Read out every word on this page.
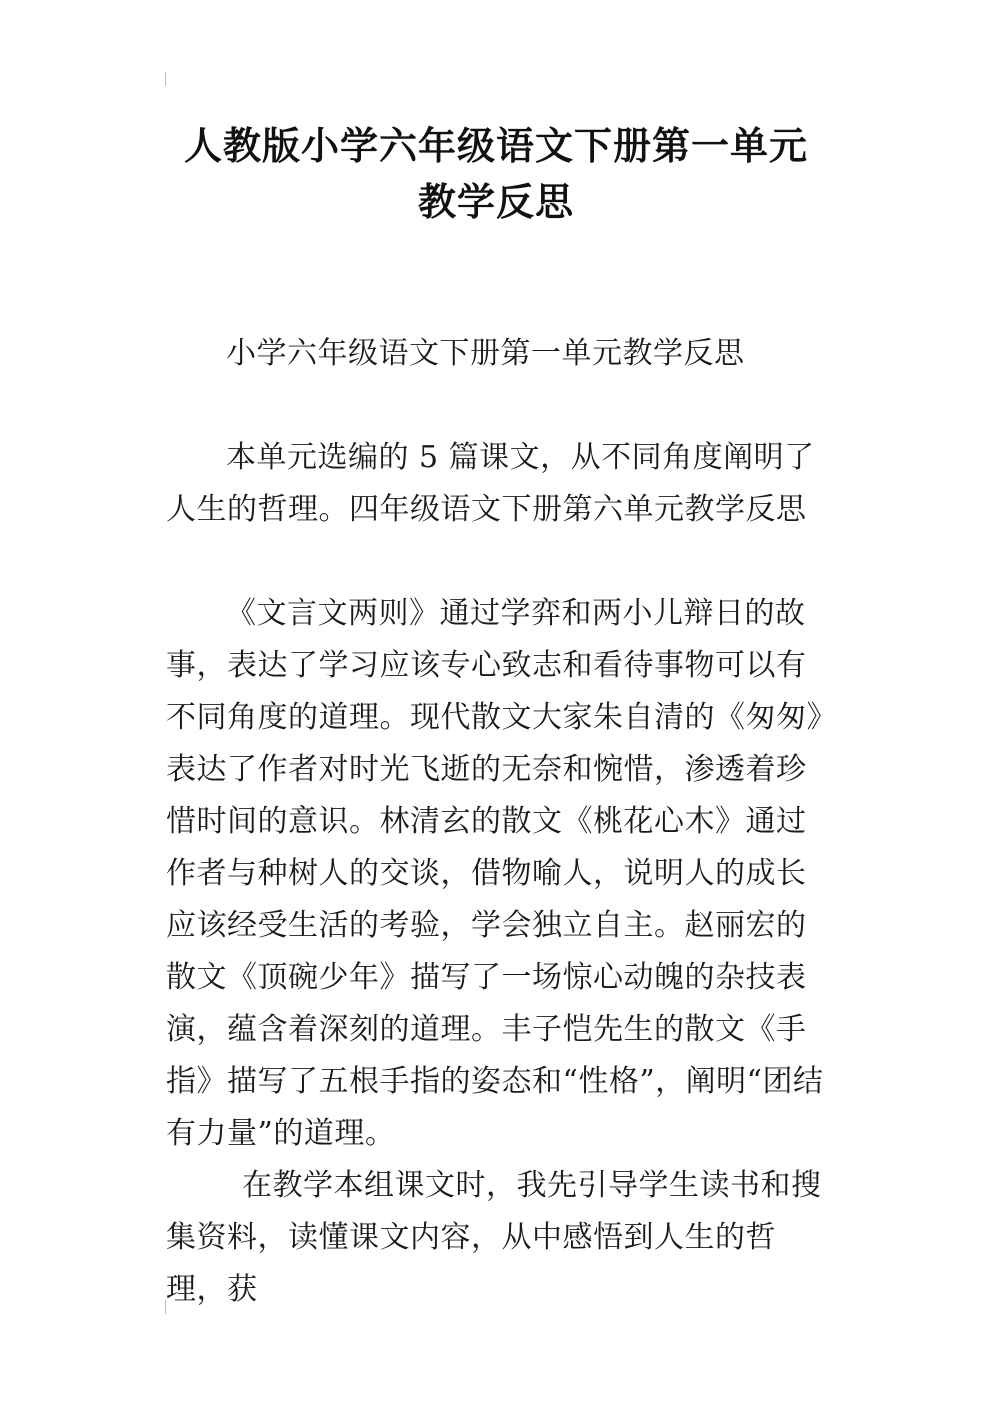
人教版小学六年级语文下册第一单元
教学反思

小学六年级语文下册第一单元教学反思

本单元选编的 5 篇课文，从不同角度阐明了人生的哲理。四年级语文下册第六单元教学反思

《文言文两则》通过学弈和两小儿辩日的故事，表达了学习应该专心致志和看待事物可以有不同角度的道理。现代散文大家朱自清的《匆匆》表达了作者对时光飞逝的无奈和惋惜，渗透着珍惜时间的意识。林清玄的散文《桃花心木》通过作者与种树人的交谈，借物喻人，说明人的成长应该经受生活的考验，学会独立自主。赵丽宏的散文《顶碗少年》描写了一场惊心动魄的杂技表演，蕴含着深刻的道理。丰子恺先生的散文《手指》描写了五根手指的姿态和“性格”，阐明“团结有力量”的道理。

在教学本组课文时，我先引导学生读书和搜集资料，读懂课文内容，从中感悟到人生的哲理，获
